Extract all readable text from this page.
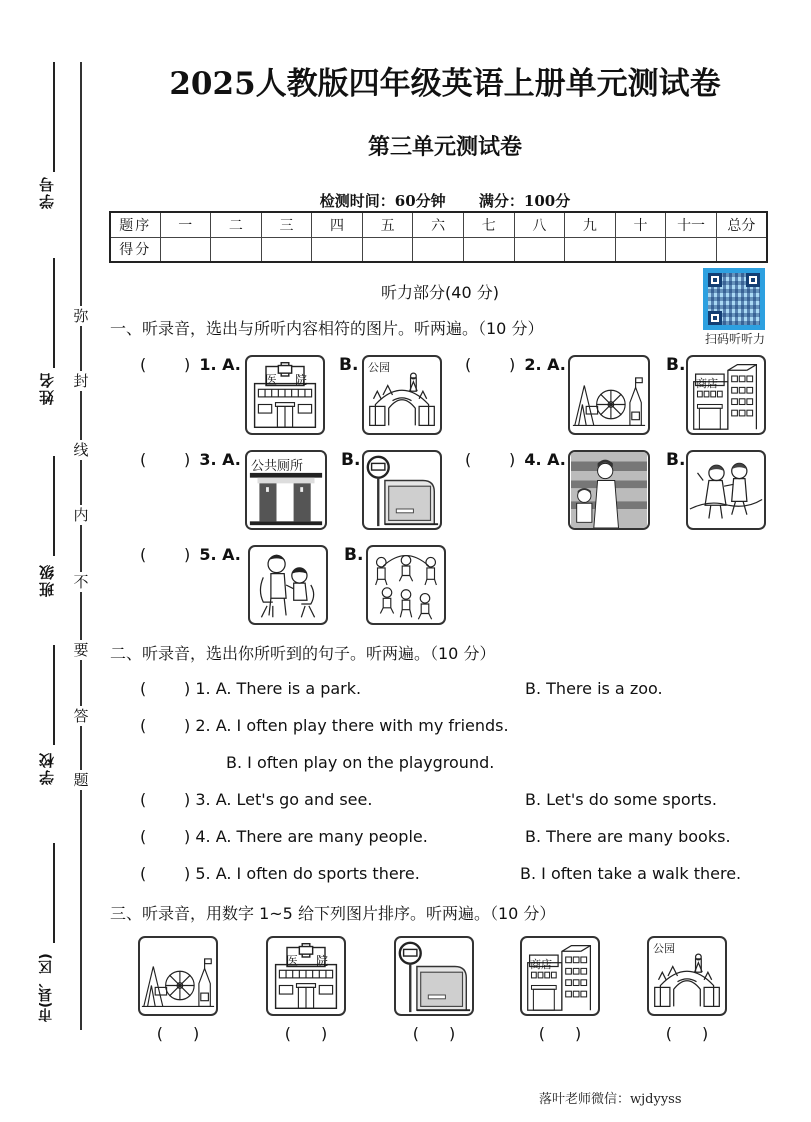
学号
姓名
班级
学校
市(县、区)
弥
封
线
内
不
要
答
题
2025人教版四年级英语上册单元测试卷
第三单元测试卷
检测时间：60分钟 满分：100分
题序	一	二	三	四	五	六	七	八	九	十	十一	总分
得分												
扫码听听力
听力部分(40 分)
一、听录音，选出与所听内容相符的图片。听两遍。（10 分）
( ) 1. A.
医 院
B. 公园	( ) 2. A.	B.
商店
( ) 3. A. 公共厕所 B.	( ) 4. A.	B.
( ) 5. A.	B.
二、听录音，选出你所听到的句子。听两遍。（10 分）
( ) 1. A. There is a park.	B. There is a zoo.
( ) 2. A. I often play there with my friends.
B. I often play on the playground.
( ) 3. A. Let's go and see.	B. Let's do some sports.
( ) 4. A. There are many people.	B. There are many books.
( ) 5. A. I often do sports there.	B. I often take a walk there.
三、听录音，用数字 1~5 给下列图片排序。听两遍。（10 分）
医 院	商店
公园
( )	( )	( )	( )	( )
落叶老师微信：wjdyyss
